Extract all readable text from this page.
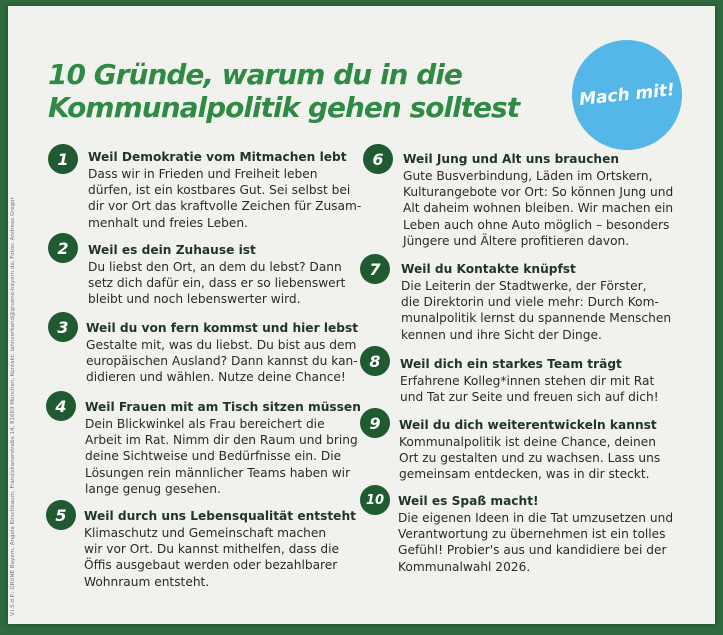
10 Gründe, warum du in die
Kommunalpolitik gehen solltest	Mach mit!
V.i.S.d.P.: GRÜNE Bayern, Angela Kirschbaum, Franziskanerstraße 14, 81669 München, Kontakt: lahnverband@gruene-bayern.de, Fotos: Andreas Gregor
1	Weil Demokratie vom Mitmachen lebt
Dass wir in Frieden und Freiheit leben
dürfen, ist ein kostbares Gut. Sei selbst bei
dir vor Ort das kraftvolle Zeichen für Zusam-
menhalt und freies Leben.
2	Weil es dein Zuhause ist
Du liebst den Ort, an dem du lebst? Dann
setz dich dafür ein, dass er so liebenswert
bleibt und noch lebenswerter wird.
3	Weil du von fern kommst und hier lebst
Gestalte mit, was du liebst. Du bist aus dem
europäischen Ausland? Dann kannst du kan-
didieren und wählen. Nutze deine Chance!
4	Weil Frauen mit am Tisch sitzen müssen
Dein Blickwinkel als Frau bereichert die
Arbeit im Rat. Nimm dir den Raum und bring
deine Sichtweise und Bedürfnisse ein. Die
Lösungen rein männlicher Teams haben wir
lange genug gesehen.
5	Weil durch uns Lebensqualität entsteht
Klimaschutz und Gemeinschaft machen
wir vor Ort. Du kannst mithelfen, dass die
Öffis ausgebaut werden oder bezahlbarer
Wohnraum entsteht.
6	Weil Jung und Alt uns brauchen
Gute Busverbindung, Läden im Ortskern,
Kulturangebote vor Ort: So können Jung und
Alt daheim wohnen bleiben. Wir machen ein
Leben auch ohne Auto möglich – besonders
Jüngere und Ältere profitieren davon.
7	Weil du Kontakte knüpfst
Die Leiterin der Stadtwerke, der Förster,
die Direktorin und viele mehr: Durch Kom-
munalpolitik lernst du spannende Menschen
kennen und ihre Sicht der Dinge.
8	Weil dich ein starkes Team trägt
Erfahrene Kolleg*innen stehen dir mit Rat
und Tat zur Seite und freuen sich auf dich!
9	Weil du dich weiterentwickeln kannst
Kommunalpolitik ist deine Chance, deinen
Ort zu gestalten und zu wachsen. Lass uns
gemeinsam entdecken, was in dir steckt.
10	Weil es Spaß macht!
Die eigenen Ideen in die Tat umzusetzen und
Verantwortung zu übernehmen ist ein tolles
Gefühl! Probier's aus und kandidiere bei der
Kommunalwahl 2026.
